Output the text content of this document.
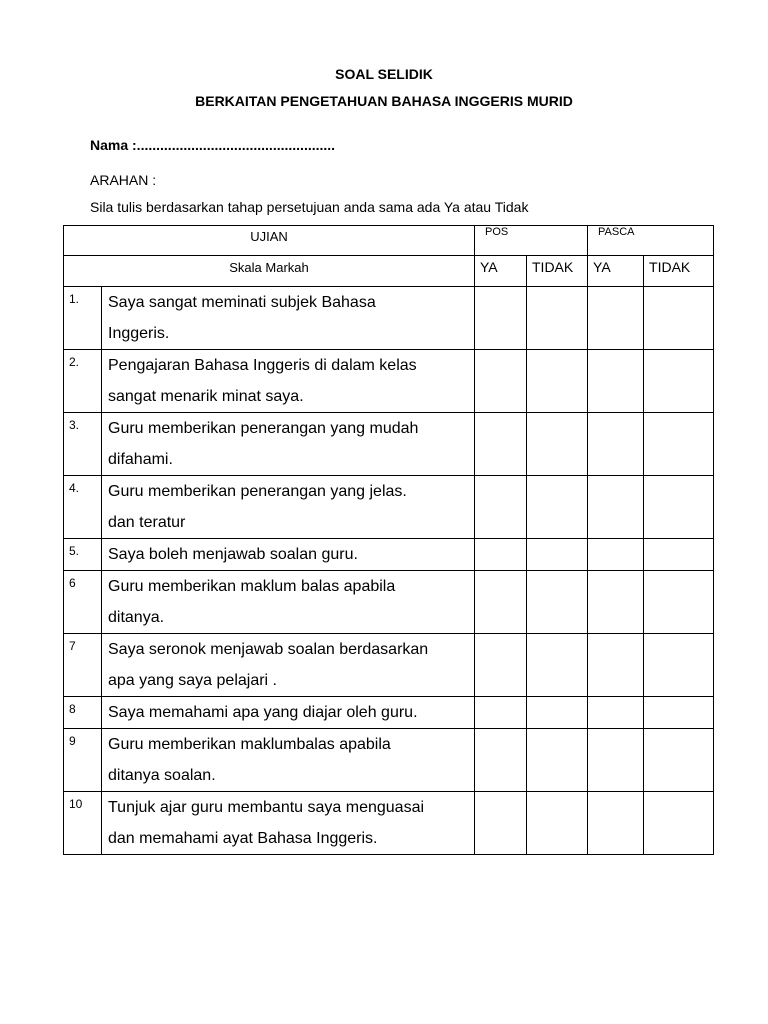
SOAL SELIDIK
BERKAITAN PENGETAHUAN BAHASA INGGERIS MURID
Nama :...................................................
ARAHAN :
Sila tulis berdasarkan tahap persetujuan anda sama ada Ya atau Tidak
UJIAN		POS		PASCA	
Skala Markah		YA	TIDAK	YA	TIDAK
1.	Saya sangat meminati subjek Bahasa
Inggeris.				

2.	Pengajaran Bahasa Inggeris di dalam kelas
sangat menarik minat saya.				

3.	Guru memberikan penerangan yang mudah
difahami.				

4.	Guru memberikan penerangan yang jelas.
dan teratur				

5.	Saya boleh menjawab soalan guru.				

6	Guru memberikan maklum balas apabila
ditanya.				

7	Saya seronok menjawab soalan berdasarkan
apa yang saya pelajari .				

8	Saya memahami apa yang diajar oleh guru.				

9	Guru memberikan maklumbalas apabila
ditanya soalan.				

10	Tunjuk ajar guru membantu saya menguasai
dan memahami ayat Bahasa Inggeris.				
